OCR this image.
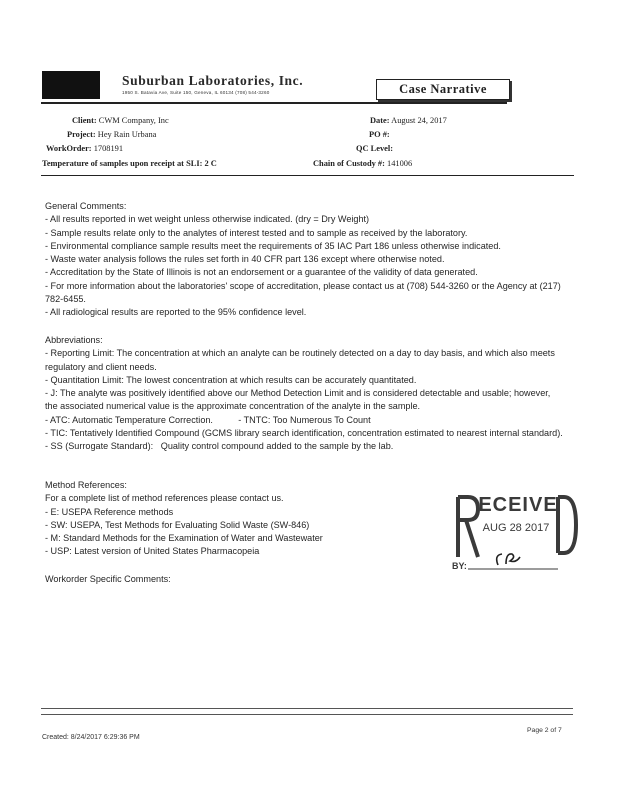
Suburban Laboratories, Inc.
1950 S. Batavia Ave, Suite 150, Geneva, IL 60134 (708) 544-3260	Case Narrative
Client: CWM Company, Inc
Project: Hey Rain Urbana
WorkOrder: 1708191
Temperature of samples upon receipt at SLI: 2 C
Date: August 24, 2017
PO #:
QC Level:
Chain of Custody #: 141006

General Comments:

- All results reported in wet weight unless otherwise indicated. (dry = Dry Weight)

- Sample results relate only to the analytes of interest tested and to sample as received by the laboratory.

- Environmental compliance sample results meet the requirements of 35 IAC Part 186 unless otherwise indicated.

- Waste water analysis follows the rules set forth in 40 CFR part 136 except where otherwise noted.

- Accreditation by the State of Illinois is not an endorsement or a guarantee of the validity of data generated.

- For more information about the laboratories' scope of accreditation, please contact us at (708) 544-3260 or the Agency at (217) 782-6455.

- All radiological results are reported to the 95% confidence level.

Abbreviations:

- Reporting Limit: The concentration at which an analyte can be routinely detected on a day to day basis, and which also meets regulatory and client needs.

- Quantitation Limit: The lowest concentration at which results can be accurately quantitated.

- J: The analyte was positively identified above our Method Detection Limit and is considered detectable and usable; however, the associated numerical value is the approximate concentration of the analyte in the sample.

- ATC: Automatic Temperature Correction.          - TNTC: Too Numerous To Count

- TIC: Tentatively Identified Compound (GCMS library search identification, concentration estimated to nearest internal standard).

- SS (Surrogate Standard):   Quality control compound added to the sample by the lab.

Method References:

For a complete list of method references please contact us.

- E: USEPA Reference methods

- SW: USEPA, Test Methods for Evaluating Solid Waste (SW-846)

- M: Standard Methods for the Examination of Water and Wastewater

- USP: Latest version of United States Pharmacopeia

Workorder Specific Comments:

ECEIVE
AUG 28 2017
BY:
Created: 8/24/2017 6:29:36 PM
Page 2 of 7
